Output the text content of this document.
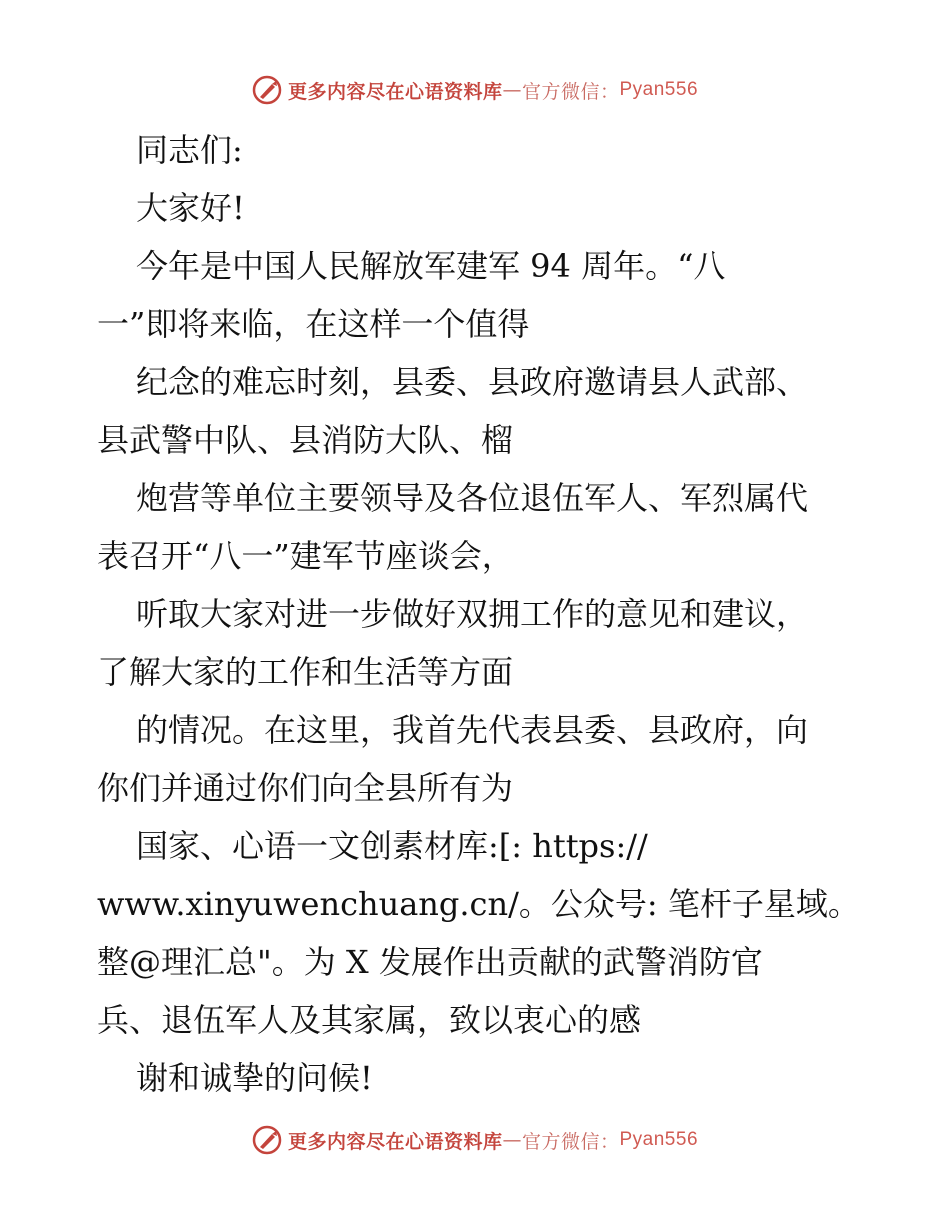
更多内容尽在心语资料库 — 官方微信： Pyan556
同志们:
大家好!
今年是中国人民解放军建军 94 周年。“八
一”即将来临，在这样一个值得
纪念的难忘时刻，县委、县政府邀请县人武部、
县武警中队、县消防大队、榴
炮营等单位主要领导及各位退伍军人、军烈属代
表召开“八一”建军节座谈会，
听取大家对进一步做好双拥工作的意见和建议，
了解大家的工作和生活等方面
的情况。在这里，我首先代表县委、县政府，向
你们并通过你们向全县所有为
国家、心语一文创素材库:[: https://
www.xinyuwenchuang.cn/。公众号: 笔杆子星域。
整@理汇总"。为 X 发展作出贡献的武警消防官
兵、退伍军人及其家属，致以衷心的感
谢和诚挚的问候!
更多内容尽在心语资料库 — 官方微信： Pyan556
